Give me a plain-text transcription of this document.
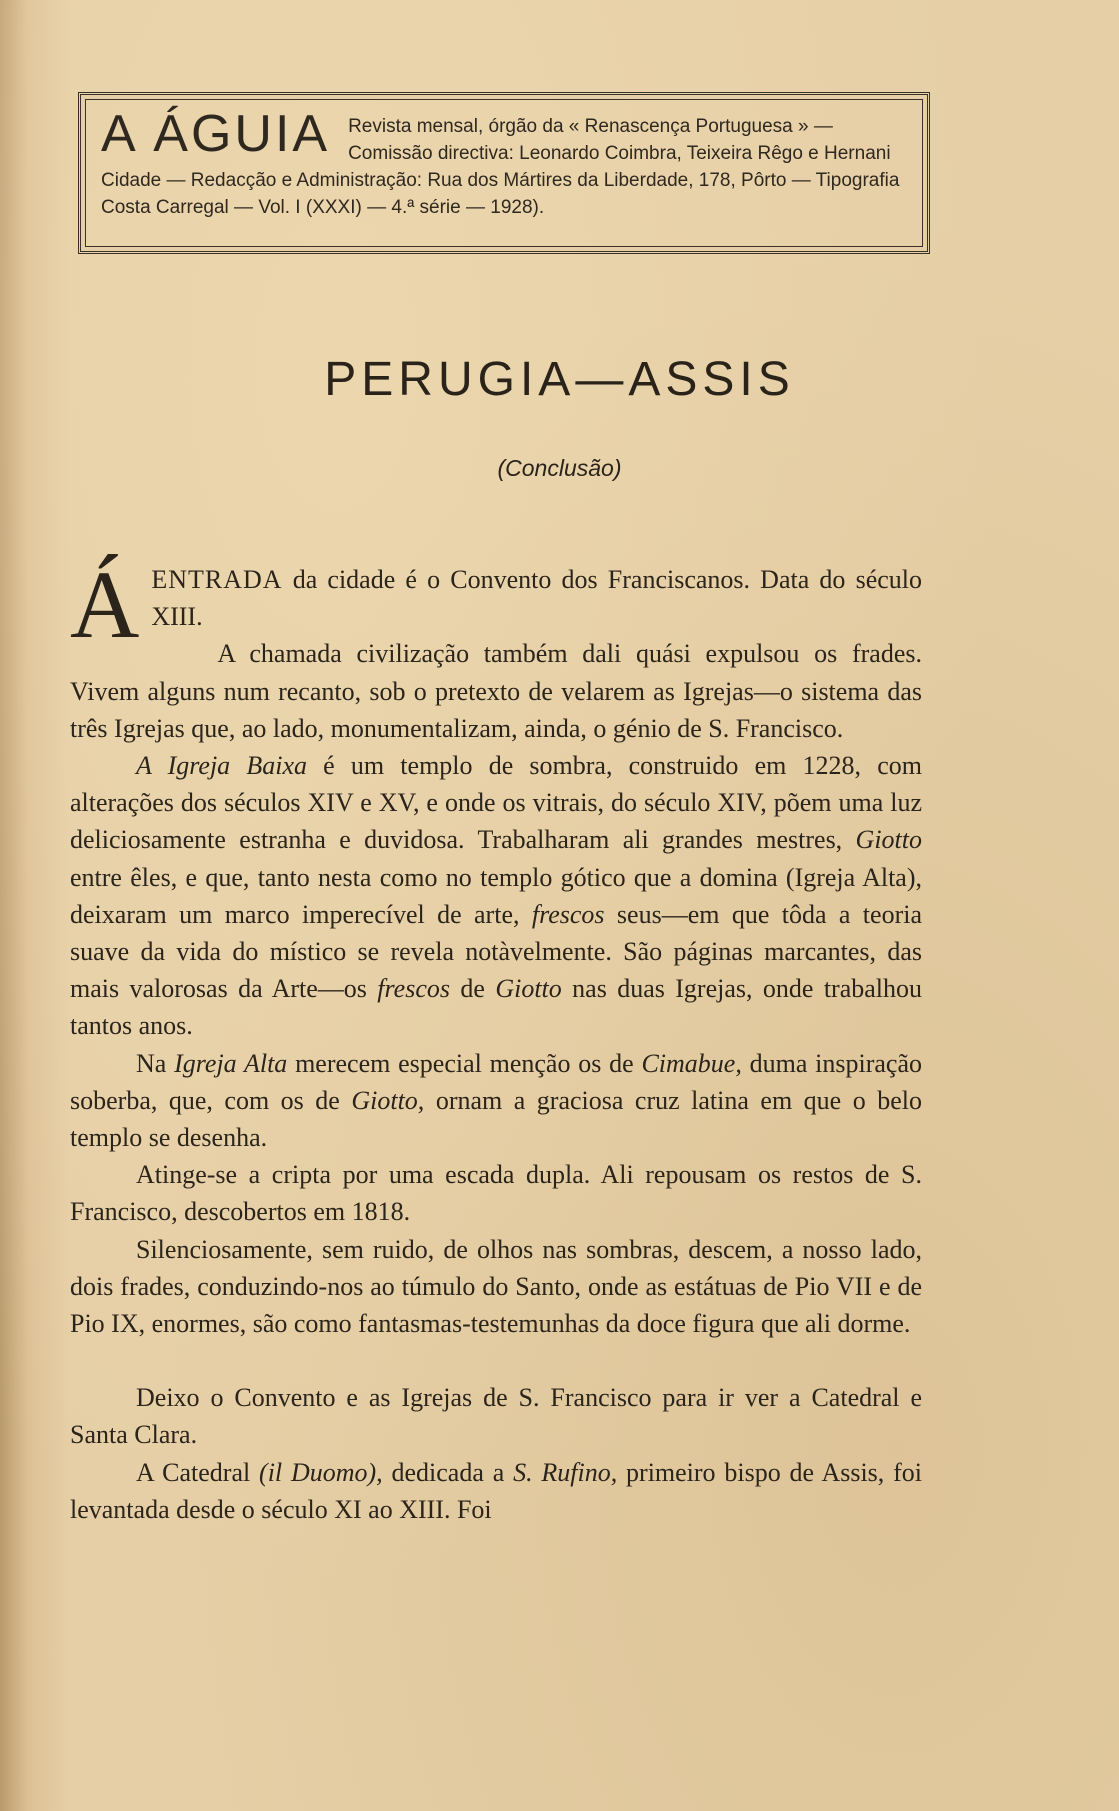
A ÁGUIA Revista mensal, órgão da « Renascença Portuguesa » — Comissão directiva: Leonardo Coimbra, Teixeira Rêgo e Hernani Cidade — Redacção e Administração: Rua dos Mártires da Liberdade, 178, Pôrto — Tipografia Costa Carregal — Vol. I (XXXI) — 4.ª série — 1928).
PERUGIA—ASSIS
(Conclusão)

ÁENTRADA da cidade é o Convento dos Franciscanos. Data do século XIII.

A chamada civilização também dali quási expulsou os frades. Vivem alguns num recanto, sob o pretexto de velarem as Igrejas—o sistema das três Igrejas que, ao lado, monumentalizam, ainda, o génio de S. Francisco.

A Igreja Baixa é um templo de sombra, construido em 1228, com alterações dos séculos XIV e XV, e onde os vitrais, do século XIV, põem uma luz deliciosamente estranha e duvidosa. Trabalharam ali grandes mestres, Giotto entre êles, e que, tanto nesta como no templo gótico que a domina (Igreja Alta), deixaram um marco imperecível de arte, frescos seus—em que tôda a teoria suave da vida do místico se revela notàvelmente. São páginas marcantes, das mais valorosas da Arte—os frescos de Giotto nas duas Igrejas, onde trabalhou tantos anos.

Na Igreja Alta merecem especial menção os de Cimabue, duma inspiração soberba, que, com os de Giotto, ornam a graciosa cruz latina em que o belo templo se desenha.

Atinge-se a cripta por uma escada dupla. Ali repousam os restos de S. Francisco, descobertos em 1818.

Silenciosamente, sem ruido, de olhos nas sombras, descem, a nosso lado, dois frades, conduzindo-nos ao túmulo do Santo, onde as estátuas de Pio VII e de Pio IX, enormes, são como fantasmas-testemunhas da doce figura que ali dorme.

Deixo o Convento e as Igrejas de S. Francisco para ir ver a Catedral e Santa Clara.

A Catedral (il Duomo), dedicada a S. Rufino, primeiro bispo de Assis, foi levantada desde o século XI ao XIII. Foi
